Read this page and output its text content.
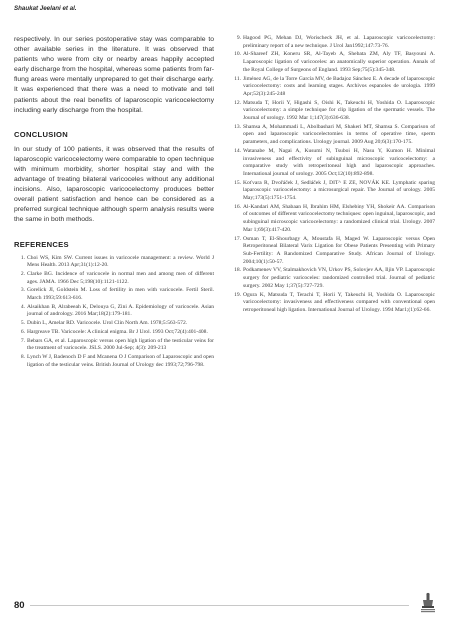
Shaukat Jeelani et al.

respectively. In our series postoperative stay was comparable to other available series in the literature. It was observed that patients who were from city or nearby areas happily accepted early discharge from the hospital, whereas some patients from far-flung areas were mentally unprepared to get their discharge early. It was experienced that there was a need to motivate and tell patients about the real benefits of laparoscopic varicocelectomy including early discharge from the hospital.

CONCLUSION

In our study of 100 patients, it was observed that the results of laparoscopic varicocelectomy were comparable to open technique with minimum morbidity, shorter hospital stay and with the advantage of treating bilateral varicoceles without any additional incisions. Also, laparoscopic varicocelectomy produces better overall patient satisfaction and hence can be considered as a preferred surgical technique although sperm analysis results were the same in both methods.

REFERENCES
1. Choi WS, Kim SW. Current issues in varicocele management: a review. World J Mens Health. 2013 Apr;31(1):12-20.
2. Clarke BG. Incidence of varicocele in normal men and among men of different ages. JAMA. 1966 Dec 5;198(10):1121-1122.
3. Gorelick JI, Goldstein M. Loss of fertility in men with varicocele. Fertil Steril. March 1993;59:613-616.
4. Alsaikhan B, Alrabeeah K, Delouya G, Zini A. Epidemiology of varicocele. Asian journal of andrology. 2016 Mar;18(2):179-181.
5. Dubin L, Amelar RD. Varicocele. Urol Clin North Am. 1978;5:563-572.
6. Hargreave TB. Varicocele: A clinical enigma. Br J Urol. 1993 Oct;72(4):401-408.
7. Bebars GA, et al. Laparoscopic versus open high ligation of the testicular veins for the treatment of varicocele. JSLS. 2000 Jul-Sep; 4(3): 209-213
8. Lynch W J, Badenoch D F and Mcanena O J Comparison of Laparoscopic and open ligation of the testicular veins. British Journal of Urology dec 1993;72;796-798.
9. Hagood PG, Mehan DJ, Worischeck JH, et al. Laparoscopic varicocelectomy: preliminary report of a new technique. J Urol Jan1992;147:73-76.
10. Al-Shareef ZH, Koneru SR, Al-Tayeb A, Shebata ZM, Aly TF, Basyouni A. Laparoscopic ligation of varicoceles: an anatomically superior operation. Annals of the Royal College of Surgeons of England. 1993 Sep;75(5):345-348.
11. Jiménez AG, de la Torre García MV, de Badajoz Sánchez E. A decade of laparoscopic varicocelectomy: costs and learning stages. Archivos espanoles de urologia. 1999 Apr;52(3):245-248
12. Matsuda T, Horii Y, Higashi S, Oishi K, Takeuchi H, Yoshida O. Laparoscopic varicocelectomy: a simple technique for clip ligation of the spermatic vessels. The Journal of urology. 1992 Mar 1;147(3):636-638.
13. Shamsa A, Mohammadi L, Abolbashari M, Shakeri MT, Shamsa S. Comparison of open and laparoscopic varicocelectomies in terms of operative time, sperm parameters, and complications. Urology journal. 2009 Aug 20;6(3):170-175.
14. Watanabe M, Nagai A, Kusumi N, Tsuboi H, Nasu Y, Kumon H. Minimal invasiveness and effectivity of subinguinal microscopic varicocelectomy: a comparative study with retroperitoneal high and laparoscopic approaches. International journal of urology. 2005 Oct;12(10):892-898.
15. Koťvara R, Dvořáček J, Sedláček J, DIT^ E ZE, NOVÁK KE. Lymphatic sparing laparoscopic varicocelectomy: a microsurgical repair. The Journal of urology. 2005 May;173(5):1751-1754.
16. Al-Kandari AM, Shabaan H, Ibrahim HM, Elshebiny YH, Shokeir AA. Comparison of outcomes of different varicocelectomy techniques: open inguinal, laparoscopic, and subinguinal microscopic varicocelectomy: a randomized clinical trial. Urology. 2007 Mar 1;69(3):417-420.
17. Osman T, El-Shourbagy A, Moustafa H, Maged W. Laparoscopic versus Open Retroperitoneal Bilateral Varix Ligation for Obese Patients Presenting with Primary Sub-Fertility: A Randomized Comparative Study. African Journal of Urology. 2004;10(1):50-57.
18. Podkamenev VV, Stalmakhovich VN, Urkov PS, Solovjev AA, Iljin VP. Laparoscopic surgery for pediatric varicoceles: randomized controlled trial. Journal of pediatric surgery. 2002 May 1;37(5):727-729.
19. Ogura K, Matsuda T, Terachi T, Horii Y, Takeuchi H, Yoshida O. Laparoscopic varicocelectomy: invasiveness and effectiveness compared with conventional open retroperitoneal high ligation. International Journal of Urology. 1994 Mar1;(1):62-66.
80
